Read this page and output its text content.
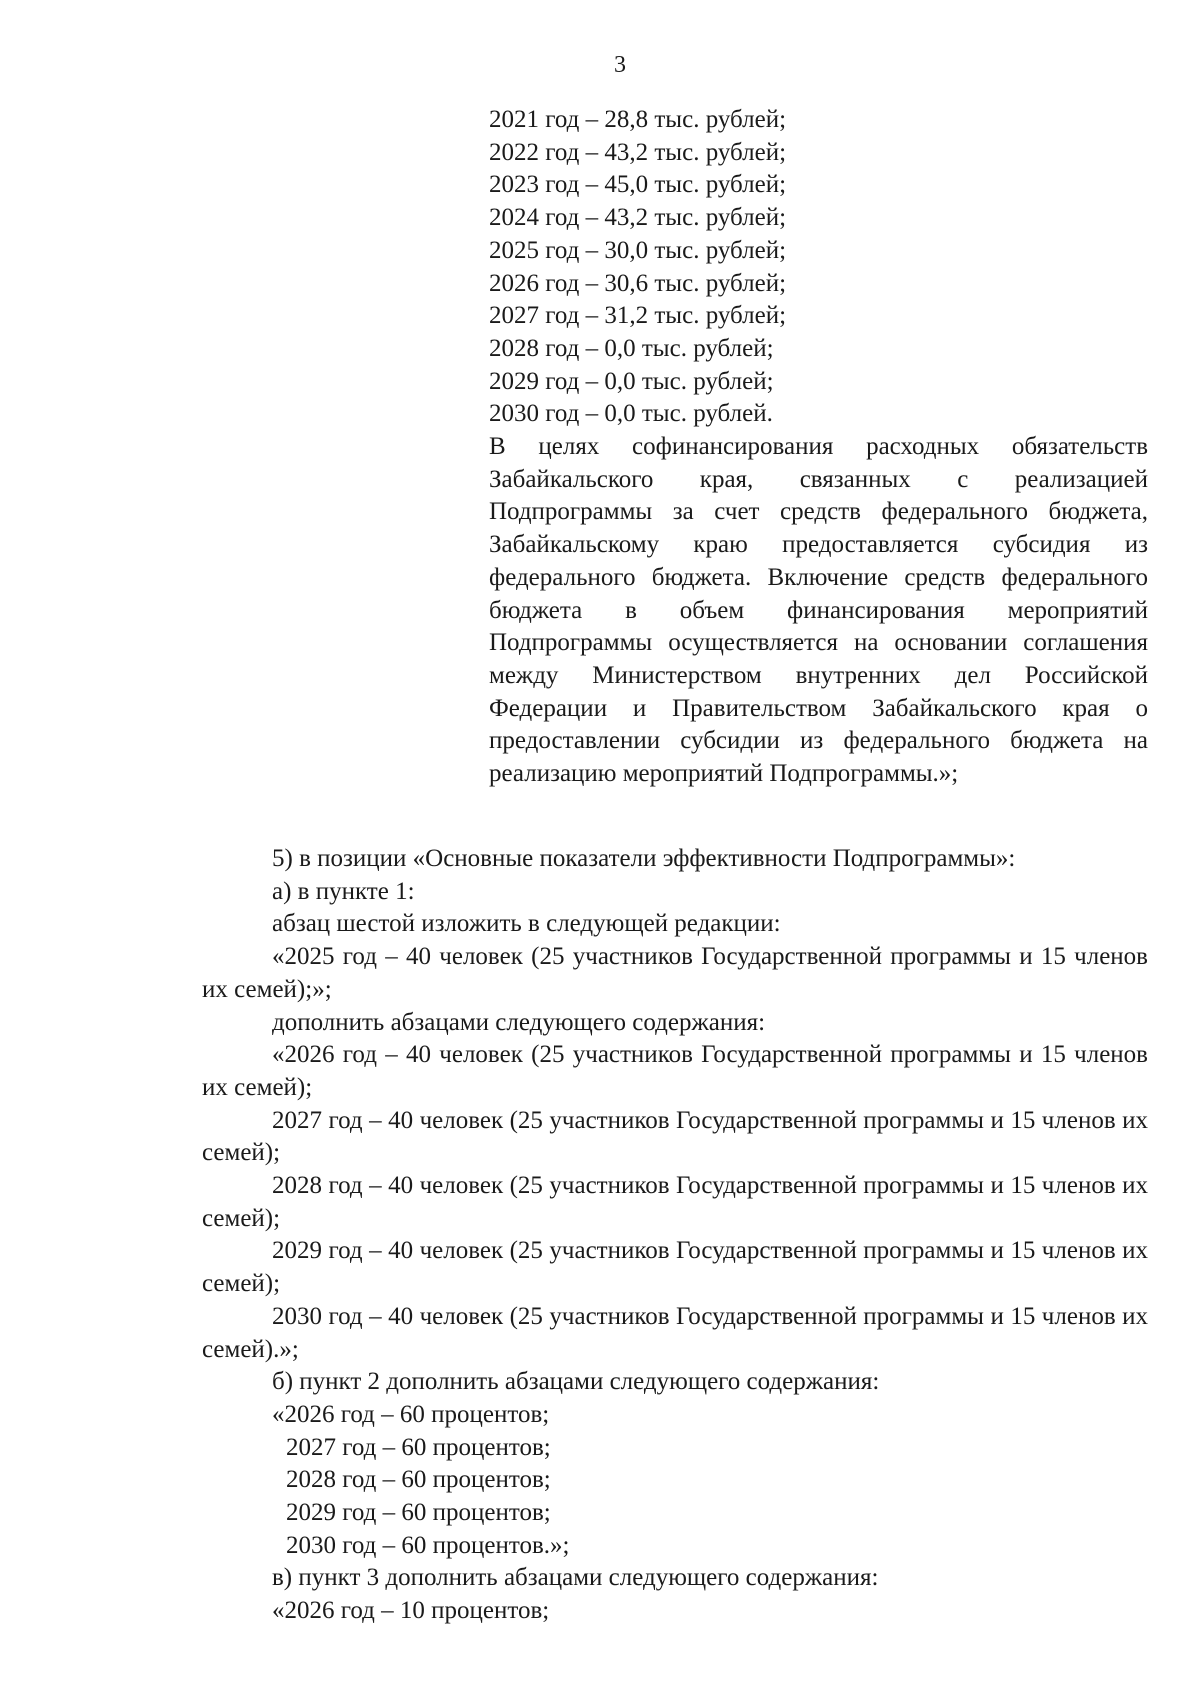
3
2021 год – 28,8 тыс. рублей;
2022 год – 43,2 тыс. рублей;
2023 год – 45,0 тыс. рублей;
2024 год – 43,2 тыс. рублей;
2025 год – 30,0 тыс. рублей;
2026 год – 30,6 тыс. рублей;
2027 год – 31,2 тыс. рублей;
2028 год – 0,0 тыс. рублей;
2029 год – 0,0 тыс. рублей;
2030 год – 0,0 тыс. рублей.
В целях софинансирования расходных обязательств Забайкальского края, связанных с реализацией Подпрограммы за счет средств федерального бюджета, Забайкальскому краю предоставляется субсидия из федерального бюджета. Включение средств федерального бюджета в объем финансирования мероприятий Подпрограммы осуществляется на основании соглашения между Министерством внутренних дел Российской Федерации и Правительством Забайкальского края о предоставлении субсидии из федерального бюджета на реализацию мероприятий Подпрограммы.»;

5) в позиции «Основные показатели эффективности Подпрограммы»:

а) в пункте 1:

абзац шестой изложить в следующей редакции:

«2025 год – 40 человек (25 участников Государственной программы и 15 членов их семей);»;

дополнить абзацами следующего содержания:

«2026 год – 40 человек (25 участников Государственной программы и 15 членов их семей);

2027 год – 40 человек (25 участников Государственной программы и 15 членов их семей);

2028 год – 40 человек (25 участников Государственной программы и 15 членов их семей);

2029 год – 40 человек (25 участников Государственной программы и 15 членов их семей);

2030 год – 40 человек (25 участников Государственной программы и 15 членов их семей).»;

б) пункт 2 дополнить абзацами следующего содержания:

«2026 год – 60 процентов;

2027 год – 60 процентов;

2028 год – 60 процентов;

2029 год – 60 процентов;

2030 год – 60 процентов.»;

в) пункт 3 дополнить абзацами следующего содержания:

«2026 год – 10 процентов;
